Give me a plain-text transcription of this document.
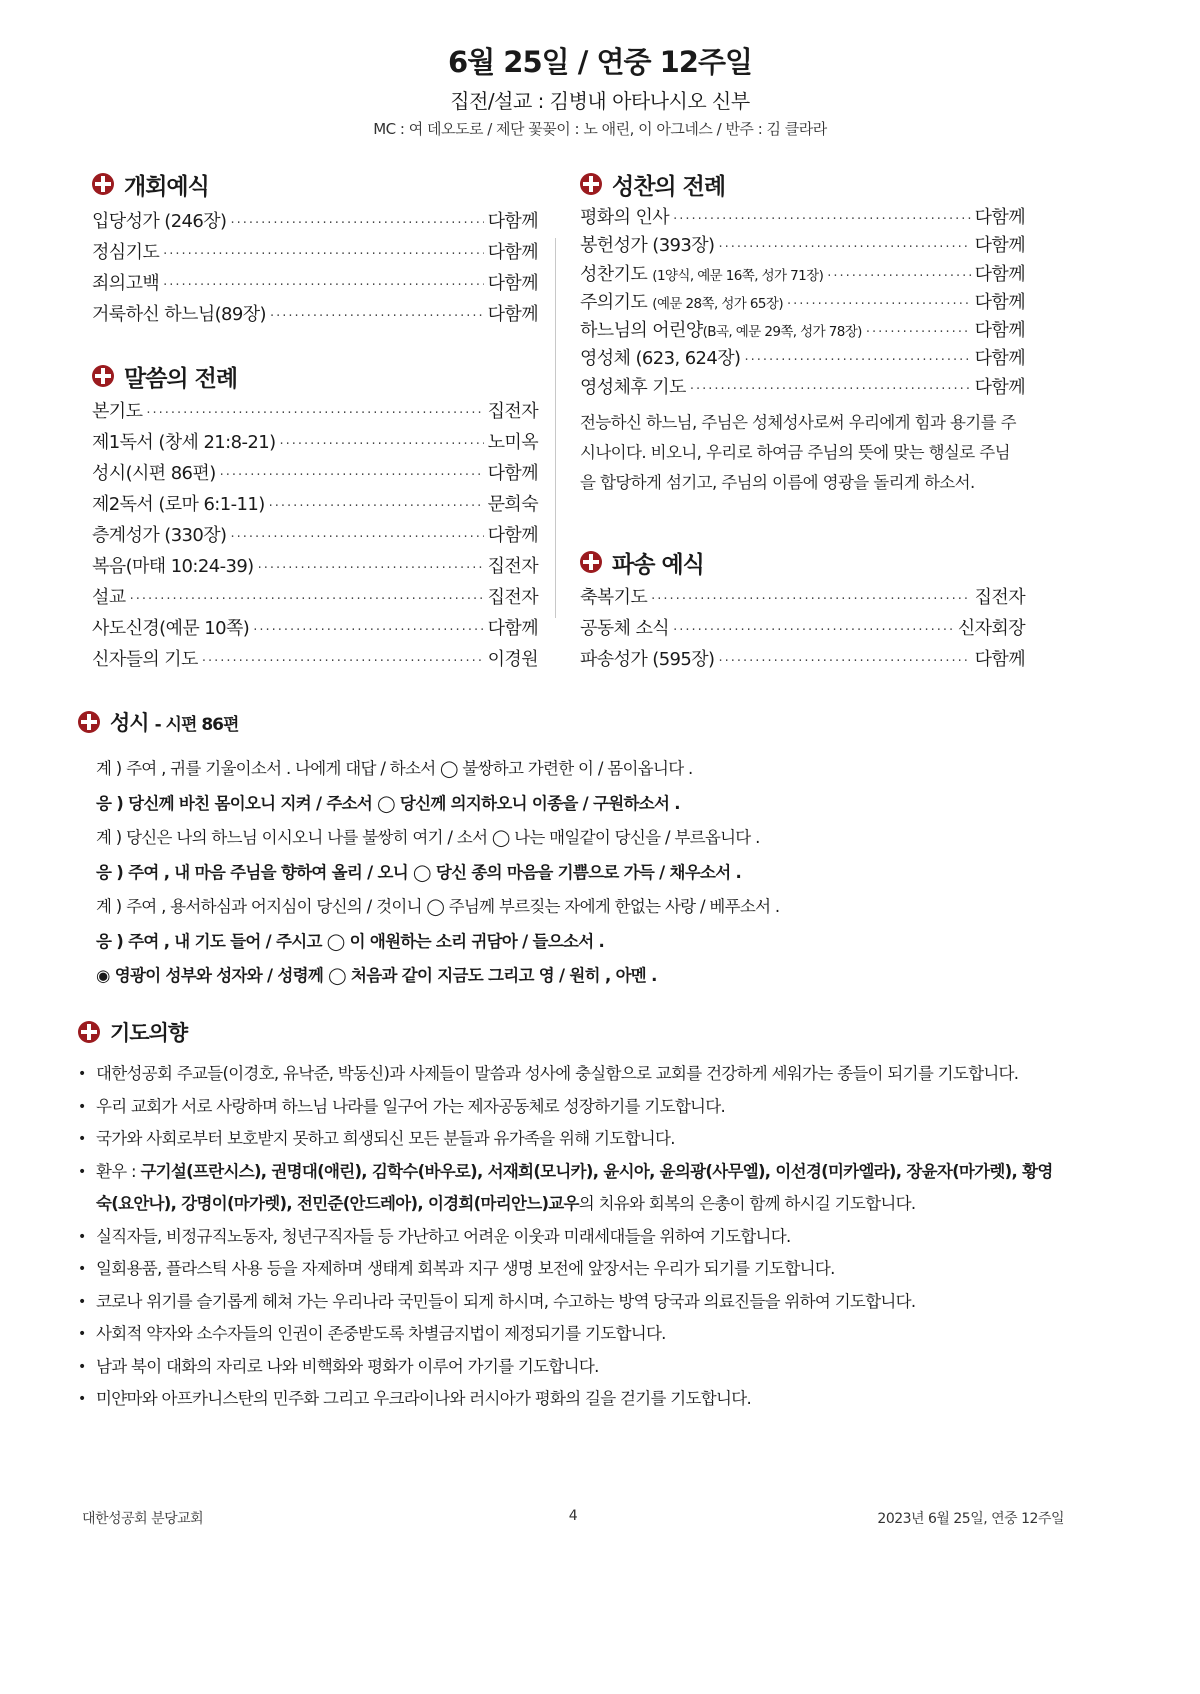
6월 25일 / 연중 12주일
집전/설교 : 김병내 아타나시오 신부
MC : 여 데오도로 / 제단 꽃꽂이 : 노 애린, 이 아그네스 / 반주 : 김 클라라
개회예식
입당성가 (246장) ·····	다함께
정심기도 ·····	다함께
죄의고백 ·····	다함께
거룩하신 하느님(89장) ·····	다함께
말씀의 전례
본기도 ·····	집전자
제1독서 (창세 21:8-21) ·····	노미옥
성시(시편 86편) ·····	다함께
제2독서 (로마 6:1-11) ·····	문희숙
층계성가 (330장) ·····	다함께
복음(마태 10:24-39) ·····	집전자
설교 ·····	집전자
사도신경(예문 10쪽) ·····	다함께
신자들의 기도 ·····	이경원
성찬의 전례
평화의 인사 ·····	다함께
봉헌성가 (393장) ·····	다함께
성찬기도 (1양식, 예문 16쪽, 성가 71장) ·····	다함께
주의기도 (예문 28쪽, 성가 65장) ·····	다함께
하느님의 어린양(B곡, 예문 29쪽, 성가 78장) ·····	다함께
영성체 (623, 624장) ·····	다함께
영성체후 기도 ·····	다함께
전능하신 하느님, 주님은 성체성사로써 우리에게 힘과 용기를 주시나이다. 비오니, 우리로 하여금 주님의 뜻에 맞는 행실로 주님을 합당하게 섬기고, 주님의 이름에 영광을 돌리게 하소서.
파송 예식
축복기도 ·····	집전자
공동체 소식 ·····	신자회장
파송성가 (595장) ·····	다함께
성시 - 시편 86편
계 ) 주여 , 귀를 기울이소서 . 나에게 대답 / 하소서 ◯ 불쌍하고 가련한 이 / 몸이옵니다 .
응 ) 당신께 바친 몸이오니 지켜 / 주소서 ◯ 당신께 의지하오니 이종을 / 구원하소서 .
계 ) 당신은 나의 하느님 이시오니 나를 불쌍히 여기 / 소서 ◯ 나는 매일같이 당신을 / 부르옵니다 .
응 ) 주여 , 내 마음 주님을 향하여 올리 / 오니 ◯ 당신 종의 마음을 기쁨으로 가득 / 채우소서 .
계 ) 주여 , 용서하심과 어지심이 당신의 / 것이니 ◯ 주님께 부르짖는 자에게 한없는 사랑 / 베푸소서 .
응 ) 주여 , 내 기도 들어 / 주시고 ◯ 이 애원하는 소리 귀담아 / 들으소서 .
◉ 영광이 성부와 성자와 / 성령께 ◯ 처음과 같이 지금도 그리고 영 / 원히 , 아멘 .
기도의향
• 대한성공회 주교들(이경호, 유낙준, 박동신)과 사제들이 말씀과 성사에 충실함으로 교회를 건강하게 세워가는 종들이 되기를 기도합니다.
• 우리 교회가 서로 사랑하며 하느님 나라를 일구어 가는 제자공동체로 성장하기를 기도합니다.
• 국가와 사회로부터 보호받지 못하고 희생되신 모든 분들과 유가족을 위해 기도합니다.
• 환우 : 구기설(프란시스), 권명대(애린), 김학수(바우로), 서재희(모니카), 윤시아, 윤의광(사무엘), 이선경(미카엘라), 장윤자(마가렛), 황영숙(요안나), 강명이(마가렛), 전민준(안드레아), 이경희(마리안느)교우의 치유와 회복의 은총이 함께 하시길 기도합니다.
• 실직자들, 비정규직노동자, 청년구직자들 등 가난하고 어려운 이웃과 미래세대들을 위하여 기도합니다.
• 일회용품, 플라스틱 사용 등을 자제하며 생태계 회복과 지구 생명 보전에 앞장서는 우리가 되기를 기도합니다.
• 코로나 위기를 슬기롭게 헤쳐 가는 우리나라 국민들이 되게 하시며, 수고하는 방역 당국과 의료진들을 위하여 기도합니다.
• 사회적 약자와 소수자들의 인권이 존중받도록 차별금지법이 제정되기를 기도합니다.
• 남과 북이 대화의 자리로 나와 비핵화와 평화가 이루어 가기를 기도합니다.
• 미얀마와 아프카니스탄의 민주화 그리고 우크라이나와 러시아가 평화의 길을 걷기를 기도합니다.
대한성공회 분당교회	4	2023년 6월 25일, 연중 12주일
